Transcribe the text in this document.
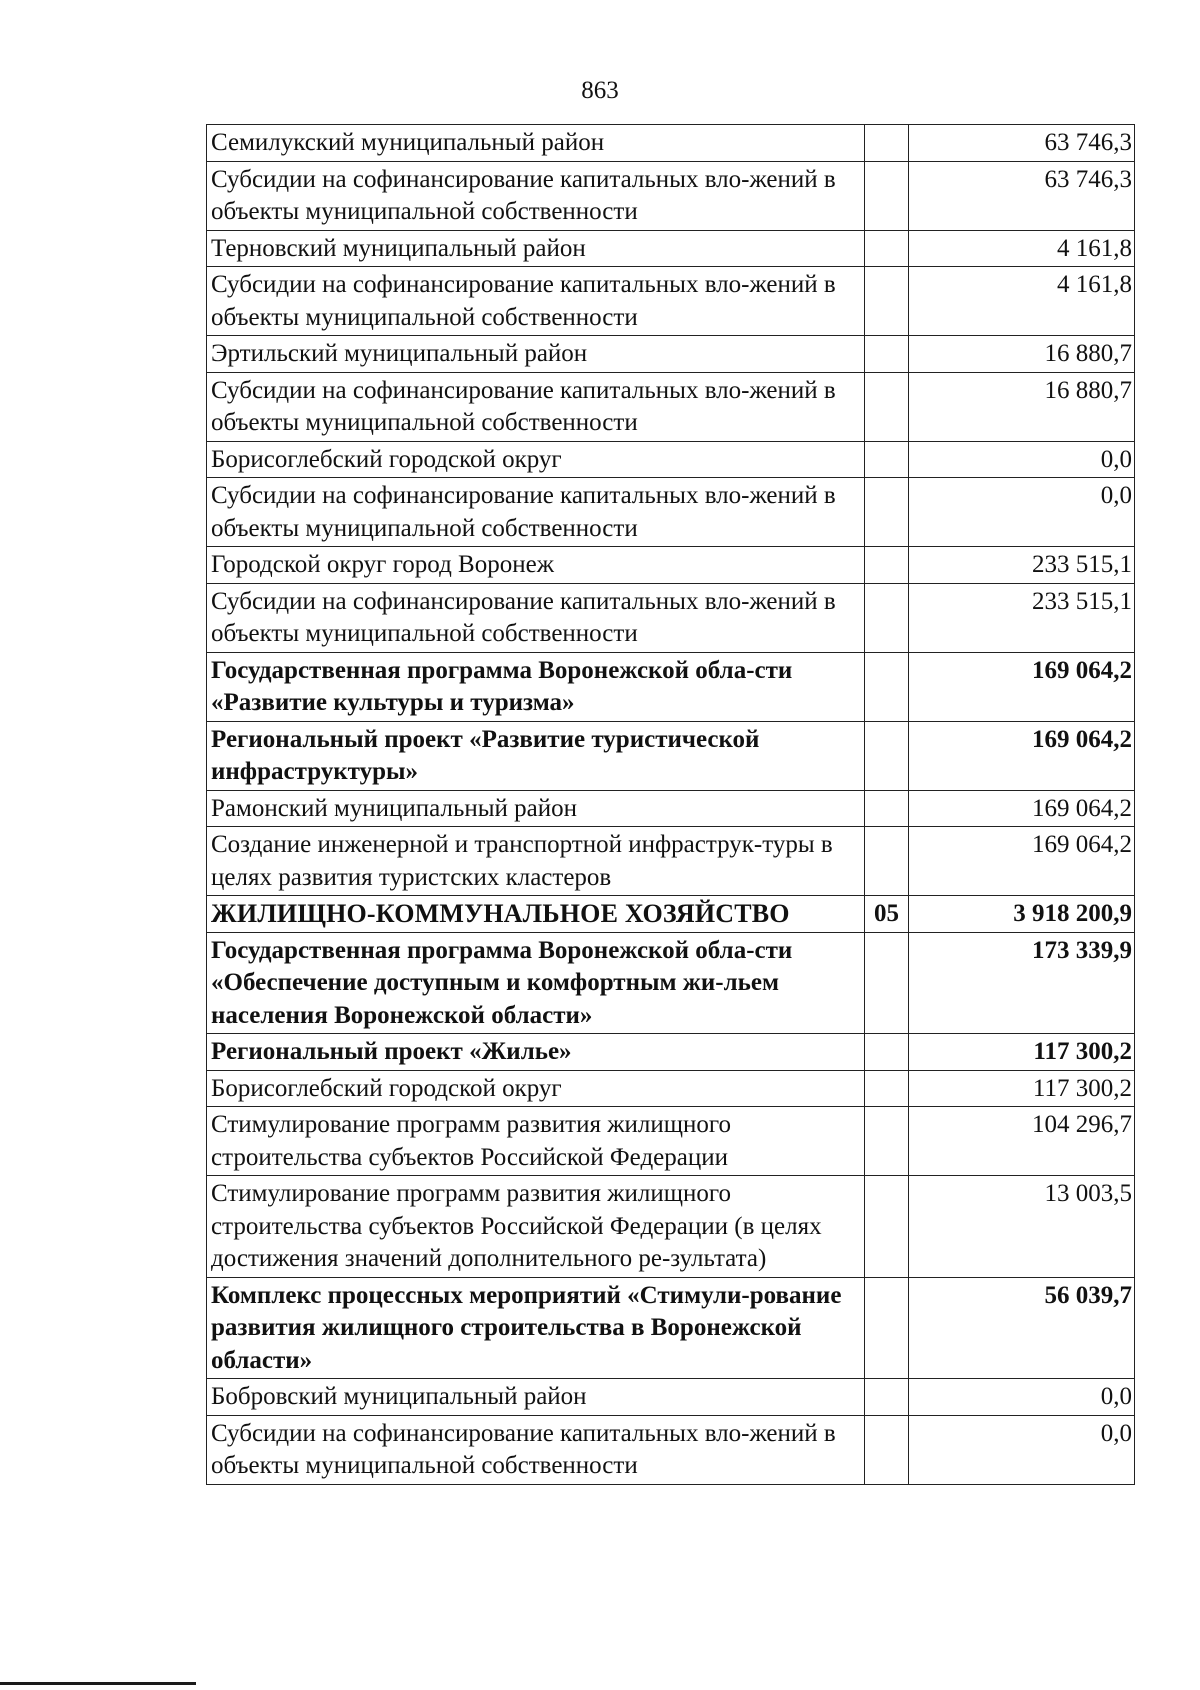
863
Семилукский муниципальный район		63 746,3
Субсидии на софинансирование капитальных вло-жений в объекты муниципальной собственности		63 746,3
Терновский муниципальный район		4 161,8
Субсидии на софинансирование капитальных вло-жений в объекты муниципальной собственности		4 161,8
Эртильский муниципальный район		16 880,7
Субсидии на софинансирование капитальных вло-жений в объекты муниципальной собственности		16 880,7
Борисоглебский городской округ		0,0
Субсидии на софинансирование капитальных вло-жений в объекты муниципальной собственности		0,0
Городской округ город Воронеж		233 515,1
Субсидии на софинансирование капитальных вло-жений в объекты муниципальной собственности		233 515,1
Государственная программа Воронежской обла-сти «Развитие культуры и туризма»		169 064,2
Региональный проект «Развитие туристической инфраструктуры»		169 064,2
Рамонский муниципальный район		169 064,2
Создание инженерной и транспортной инфраструк-туры в целях развития туристских кластеров		169 064,2
ЖИЛИЩНО-КОММУНАЛЬНОЕ ХОЗЯЙСТВО	05	3 918 200,9
Государственная программа Воронежской обла-сти «Обеспечение доступным и комфортным жи-льем населения Воронежской области»		173 339,9
Региональный проект «Жилье»		117 300,2
Борисоглебский городской округ		117 300,2
Стимулирование программ развития жилищного строительства субъектов Российской Федерации		104 296,7
Стимулирование программ развития жилищного строительства субъектов Российской Федерации (в целях достижения значений дополнительного ре-зультата)		13 003,5
Комплекс процессных мероприятий «Стимули-рование развития жилищного строительства в Воронежской области»		56 039,7
Бобровский муниципальный район		0,0
Субсидии на софинансирование капитальных вло-жений в объекты муниципальной собственности		0,0
